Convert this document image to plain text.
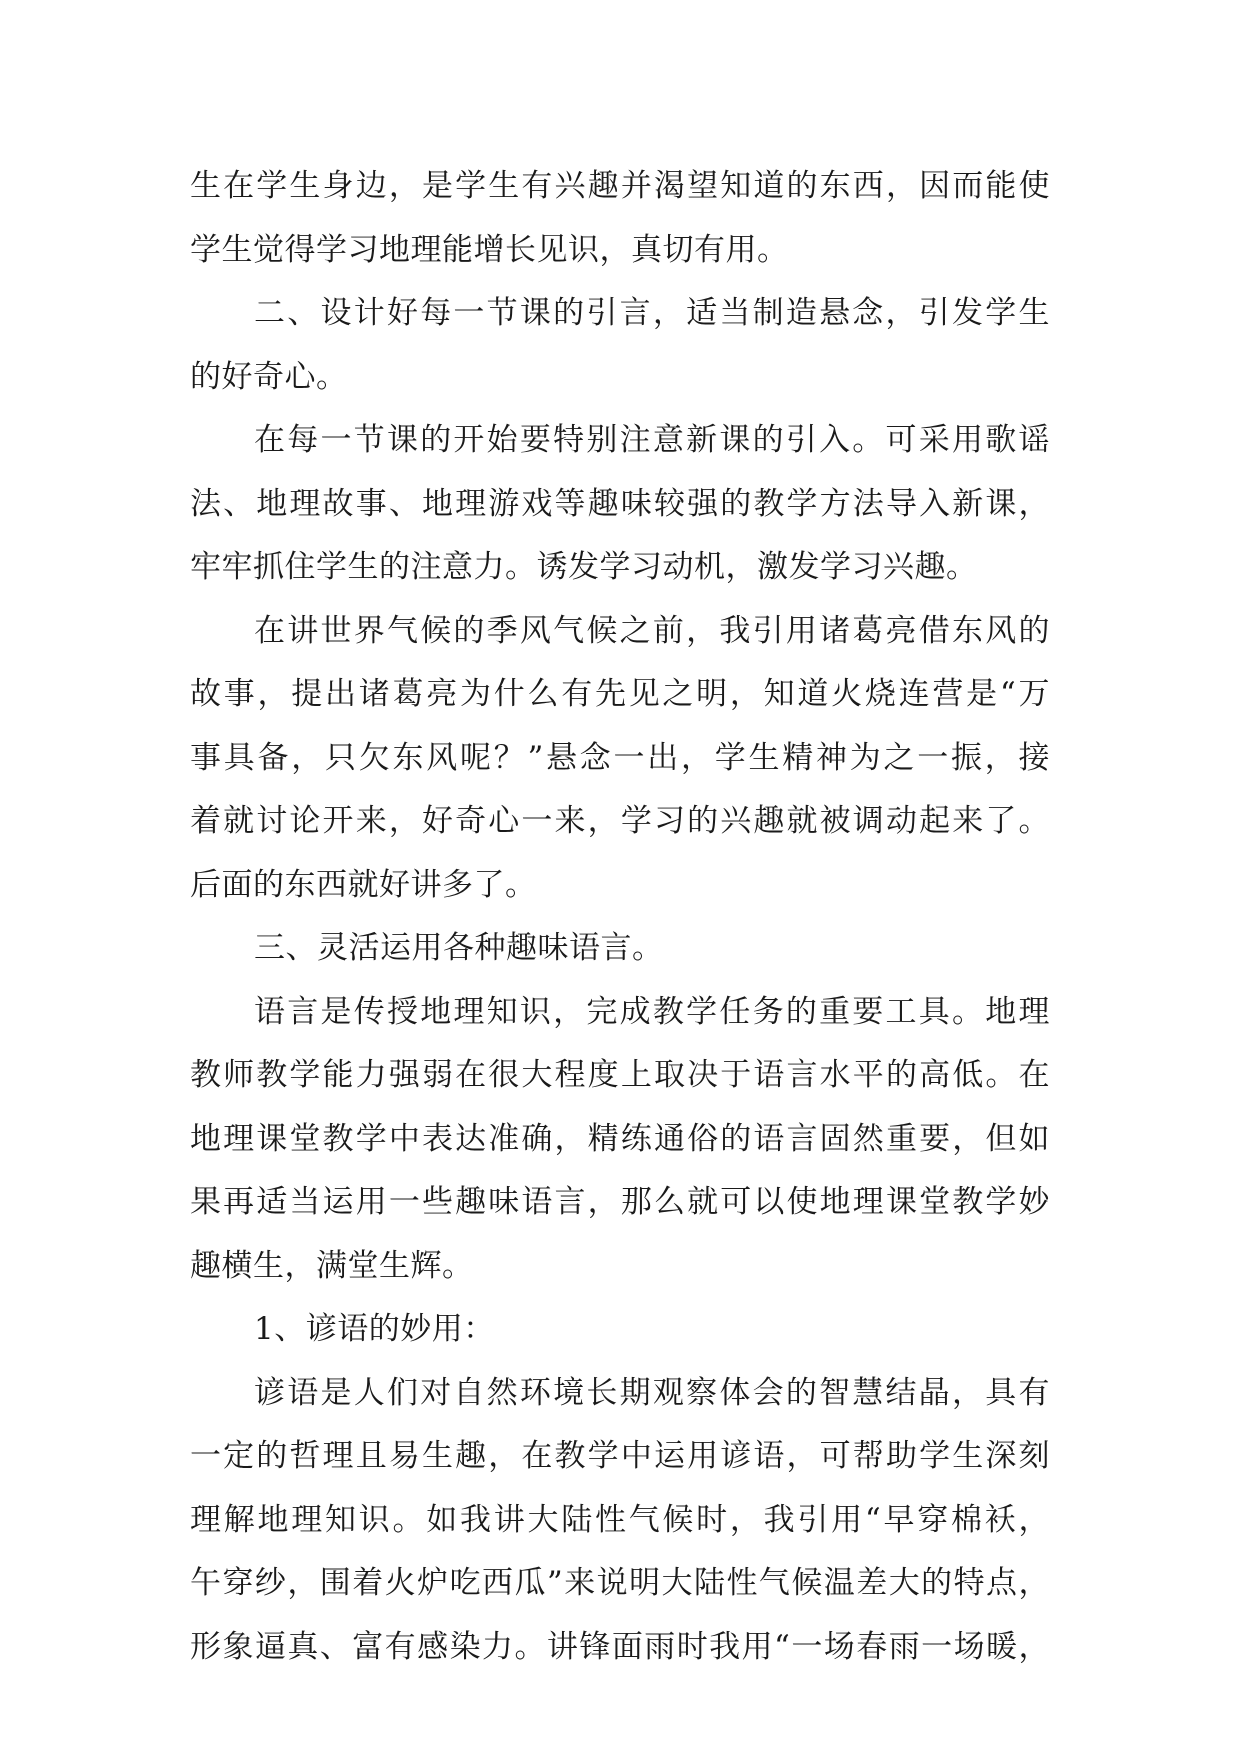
生在学生身边，是学生有兴趣并渴望知道的东西，因而能使
学生觉得学习地理能增长见识，真切有用。
二、设计好每一节课的引言，适当制造悬念，引发学生
的好奇心。
在每一节课的开始要特别注意新课的引入。可采用歌谣
法、地理故事、地理游戏等趣味较强的教学方法导入新课，
牢牢抓住学生的注意力。诱发学习动机，激发学习兴趣。
在讲世界气候的季风气候之前，我引用诸葛亮借东风的
故事，提出诸葛亮为什么有先见之明，知道火烧连营是“万
事具备，只欠东风呢？”悬念一出，学生精神为之一振，接
着就讨论开来，好奇心一来，学习的兴趣就被调动起来了。
后面的东西就好讲多了。
三、灵活运用各种趣味语言。
语言是传授地理知识，完成教学任务的重要工具。地理
教师教学能力强弱在很大程度上取决于语言水平的高低。在
地理课堂教学中表达准确，精练通俗的语言固然重要，但如
果再适当运用一些趣味语言，那么就可以使地理课堂教学妙
趣横生，满堂生辉。
1、谚语的妙用：
谚语是人们对自然环境长期观察体会的智慧结晶，具有
一定的哲理且易生趣，在教学中运用谚语，可帮助学生深刻
理解地理知识。如我讲大陆性气候时，我引用“早穿棉袄，
午穿纱，围着火炉吃西瓜”来说明大陆性气候温差大的特点，
形象逼真、富有感染力。讲锋面雨时我用“一场春雨一场暖，
